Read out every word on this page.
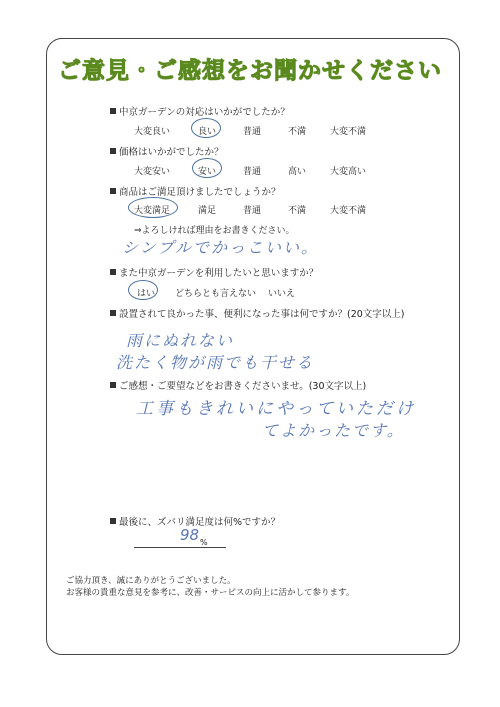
ご意見・ご感想をお聞かせください
中京ガーデンの対応はいかがでしたか？
大変良い	良い	普通	不満	大変不満
価格はいかがでしたか？
大変安い	安い	普通	高い	大変高い
商品はご満足頂けましたでしょうか？
大変満足	満足	普通	不満	大変不満
⇒よろしければ理由をお書きください。
シンプルでかっこいい。
また中京ガーデンを利用したいと思いますか？
はい どちらとも言えない いいえ
設置されて良かった事、便利になった事は何ですか？(20文字以上)
雨にぬれない
洗たく物が雨でも干せる
ご感想・ご要望などをお書きくださいませ。(30文字以上)
工事もきれいにやっていただけ
てよかったです。
最後に、ズバリ満足度は何%ですか？
98 %
ご協力頂き、誠にありがとうございました。
お客様の貴重な意見を参考に、改善・サービスの向上に活かして参ります。
